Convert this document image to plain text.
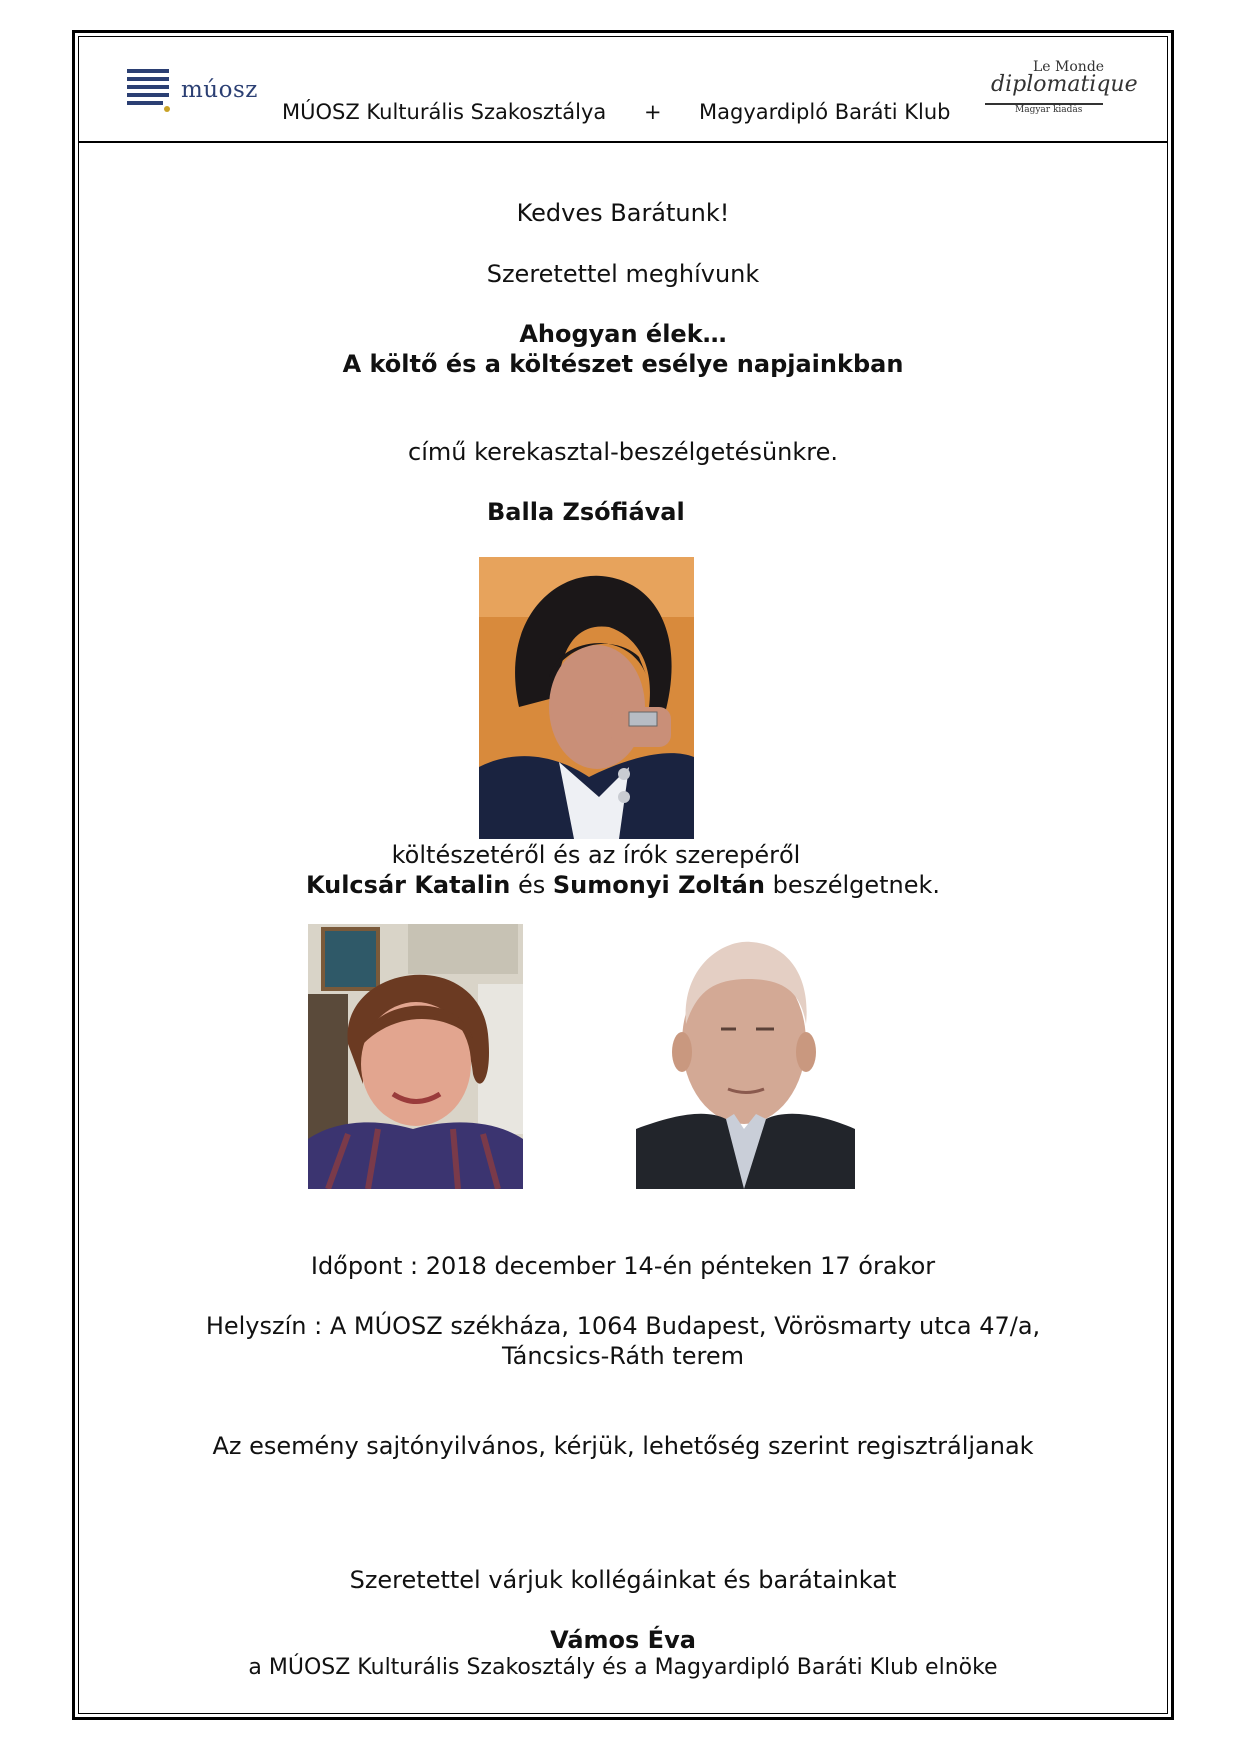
múosz
MÚOSZ Kulturális Szakosztálya + Magyardipló Baráti Klub
Le Monde
diplomatique
Magyar kiadás
Kedves Barátunk!
Szeretettel meghívunk
Ahogyan élek…
A költő és a költészet esélye napjainkban
című kerekasztal-beszélgetésünkre.
Balla Zsófiával
költészetéről és az írók szerepéről
Kulcsár Katalin és Sumonyi Zoltán beszélgetnek.
Időpont : 2018 december 14-én pénteken 17 órakor
Helyszín : A MÚOSZ székháza, 1064 Budapest, Vörösmarty utca 47/a,
Táncsics-Ráth terem
Az esemény sajtónyilvános, kérjük, lehetőség szerint regisztráljanak
Szeretettel várjuk kollégáinkat és barátainkat
Vámos Éva
a MÚOSZ Kulturális Szakosztály és a Magyardipló Baráti Klub elnöke
